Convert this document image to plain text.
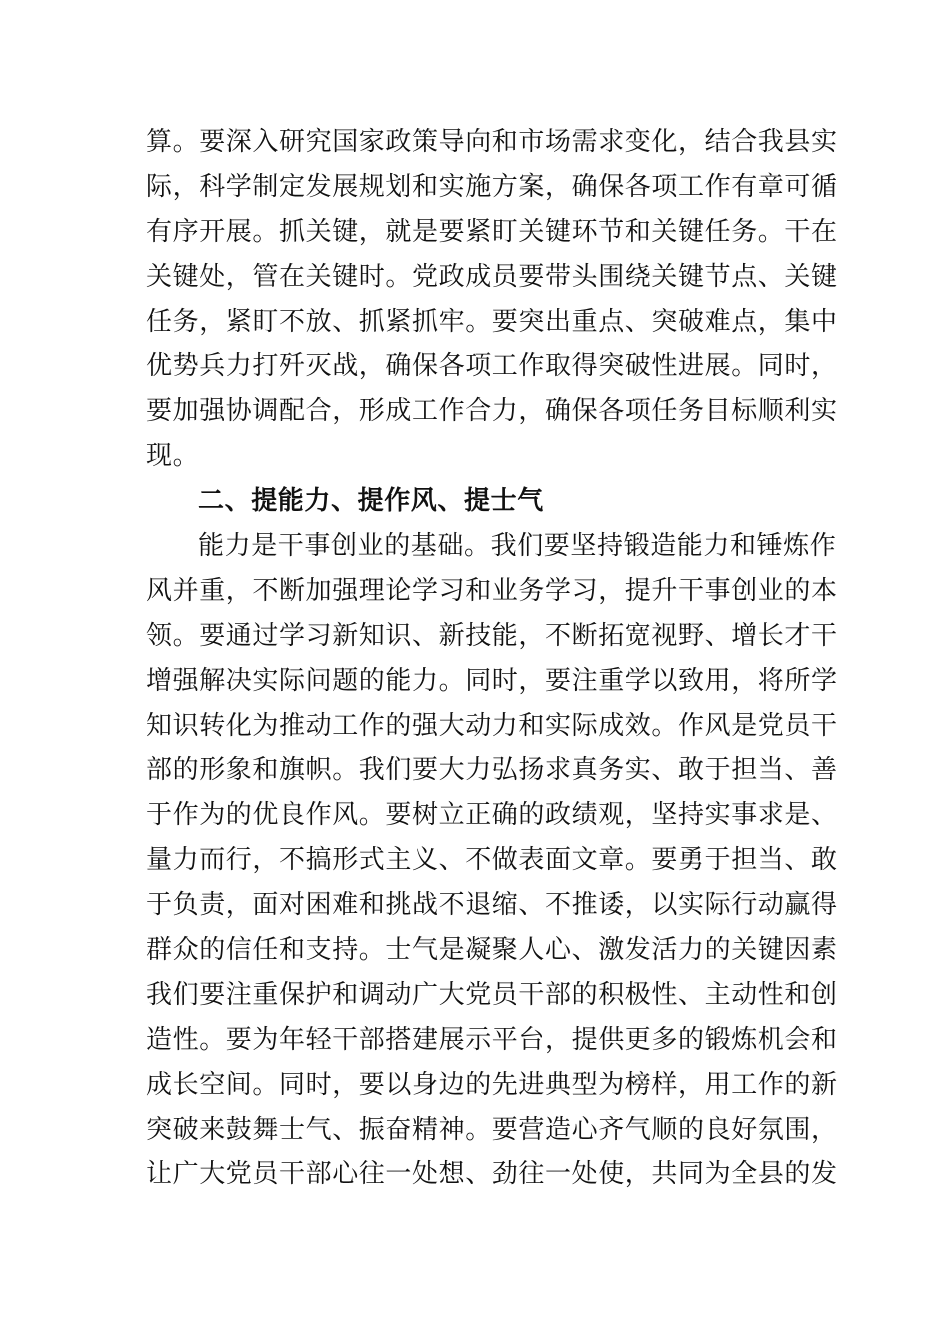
算。要深入研究国家政策导向和市场需求变化，结合我县实
际，科学制定发展规划和实施方案，确保各项工作有章可循
有序开展。抓关键，就是要紧盯关键环节和关键任务。干在
关键处，管在关键时。党政成员要带头围绕关键节点、关键
任务，紧盯不放、抓紧抓牢。要突出重点、突破难点，集中
优势兵力打歼灭战，确保各项工作取得突破性进展。同时，
要加强协调配合，形成工作合力，确保各项任务目标顺利实
现。
二、提能力、提作风、提士气
能力是干事创业的基础。我们要坚持锻造能力和锤炼作
风并重，不断加强理论学习和业务学习，提升干事创业的本
领。要通过学习新知识、新技能，不断拓宽视野、增长才干
增强解决实际问题的能力。同时，要注重学以致用，将所学
知识转化为推动工作的强大动力和实际成效。作风是党员干
部的形象和旗帜。我们要大力弘扬求真务实、敢于担当、善
于作为的优良作风。要树立正确的政绩观，坚持实事求是、
量力而行，不搞形式主义、不做表面文章。要勇于担当、敢
于负责，面对困难和挑战不退缩、不推诿，以实际行动赢得
群众的信任和支持。士气是凝聚人心、激发活力的关键因素
我们要注重保护和调动广大党员干部的积极性、主动性和创
造性。要为年轻干部搭建展示平台，提供更多的锻炼机会和
成长空间。同时，要以身边的先进典型为榜样，用工作的新
突破来鼓舞士气、振奋精神。要营造心齐气顺的良好氛围，
让广大党员干部心往一处想、劲往一处使，共同为全县的发
